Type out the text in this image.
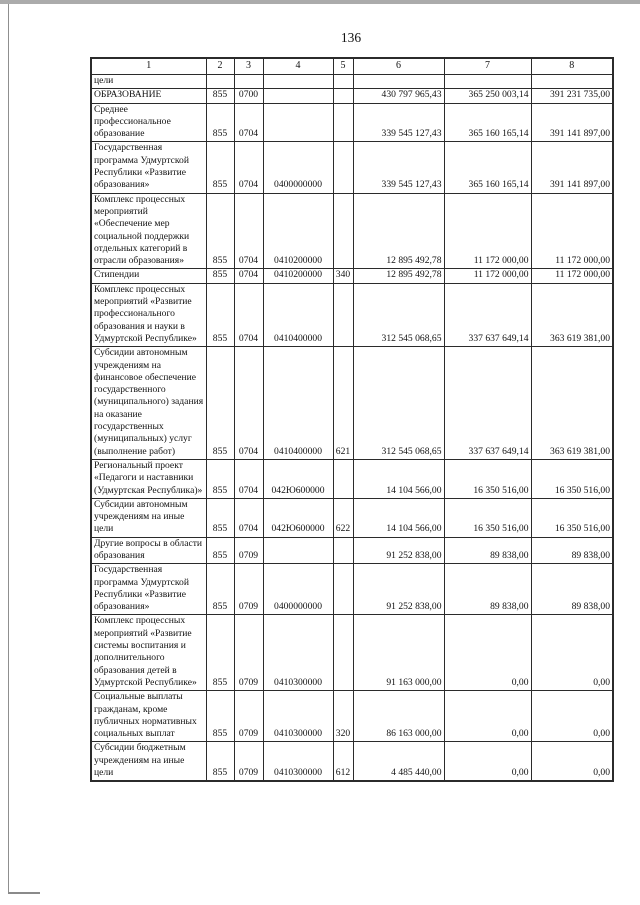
136
1	2	3	4	5	6	7	8
цели							
ОБРАЗОВАНИЕ	855	0700			430 797 965,43	365 250 003,14	391 231 735,00
Среднее профессиональное образование	855	0704			339 545 127,43	365 160 165,14	391 141 897,00
Государственная программа Удмуртской Республики «Развитие образования»	855	0704	0400000000		339 545 127,43	365 160 165,14	391 141 897,00
Комплекс процессных мероприятий «Обеспечение мер социальной поддержки отдельных категорий в отрасли образования»	855	0704	0410200000		12 895 492,78	11 172 000,00	11 172 000,00
Стипендии	855	0704	0410200000	340	12 895 492,78	11 172 000,00	11 172 000,00
Комплекс процессных мероприятий «Развитие профессионального образования и науки в Удмуртской Республике»	855	0704	0410400000		312 545 068,65	337 637 649,14	363 619 381,00
Субсидии автономным учреждениям на финансовое обеспечение государственного (муниципального) задания на оказание государственных (муниципальных) услуг (выполнение работ)	855	0704	0410400000	621	312 545 068,65	337 637 649,14	363 619 381,00
Региональный проект «Педагоги и наставники (Удмуртская Республика)»	855	0704	042Ю600000		14 104 566,00	16 350 516,00	16 350 516,00
Субсидии автономным учреждениям на иные цели	855	0704	042Ю600000	622	14 104 566,00	16 350 516,00	16 350 516,00
Другие вопросы в области образования	855	0709			91 252 838,00	89 838,00	89 838,00
Государственная программа Удмуртской Республики «Развитие образования»	855	0709	0400000000		91 252 838,00	89 838,00	89 838,00
Комплекс процессных мероприятий «Развитие системы воспитания и дополнительного образования детей в Удмуртской Республике»	855	0709	0410300000		91 163 000,00	0,00	0,00
Социальные выплаты гражданам, кроме публичных нормативных социальных выплат	855	0709	0410300000	320	86 163 000,00	0,00	0,00
Субсидии бюджетным учреждениям на иные цели	855	0709	0410300000	612	4 485 440,00	0,00	0,00
